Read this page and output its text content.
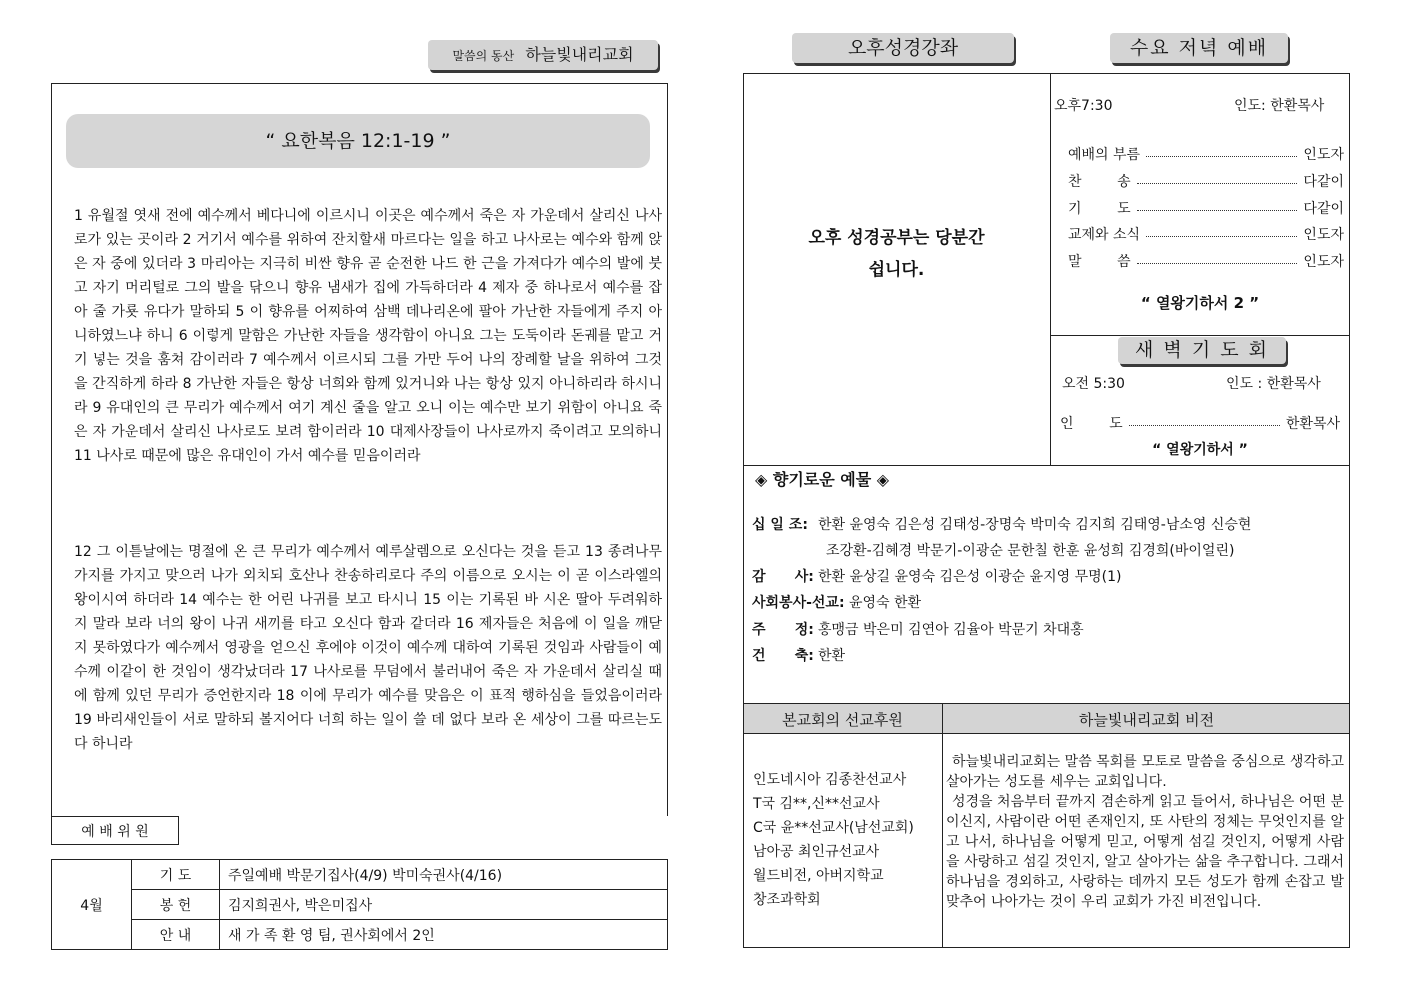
말씀의 동산 하늘빛내리교회
“ 요한복음 12:1-19 ”
1 유월절 엿새 전에 예수께서 베다니에 이르시니 이곳은 예수께서 죽은 자 가운데서 살리신 나사로가 있는 곳이라 2 거기서 예수를 위하여 잔치할새 마르다는 일을 하고 나사로는 예수와 함께 앉은 자 중에 있더라 3 마리아는 지극히 비싼 향유 곧 순전한 나드 한 근을 가져다가 예수의 발에 붓고 자기 머리털로 그의 발을 닦으니 향유 냄새가 집에 가득하더라 4 제자 중 하나로서 예수를 잡아 줄 가룟 유다가 말하되 5 이 향유를 어찌하여 삼백 데나리온에 팔아 가난한 자들에게 주지 아니하였느냐 하니 6 이렇게 말함은 가난한 자들을 생각함이 아니요 그는 도둑이라 돈궤를 맡고 거기 넣는 것을 훔쳐 감이러라 7 예수께서 이르시되 그를 가만 두어 나의 장례할 날을 위하여 그것을 간직하게 하라 8 가난한 자들은 항상 너희와 함께 있거니와 나는 항상 있지 아니하리라 하시니라 9 유대인의 큰 무리가 예수께서 여기 계신 줄을 알고 오니 이는 예수만 보기 위함이 아니요 죽은 자 가운데서 살리신 나사로도 보려 함이러라 10 대제사장들이 나사로까지 죽이려고 모의하니 11 나사로 때문에 많은 유대인이 가서 예수를 믿음이러라
12 그 이튿날에는 명절에 온 큰 무리가 예수께서 예루살렘으로 오신다는 것을 듣고 13 종려나무 가지를 가지고 맞으러 나가 외치되 호산나 찬송하리로다 주의 이름으로 오시는 이 곧 이스라엘의 왕이시여 하더라 14 예수는 한 어린 나귀를 보고 타시니 15 이는 기록된 바 시온 딸아 두려워하지 말라 보라 너의 왕이 나귀 새끼를 타고 오신다 함과 같더라 16 제자들은 처음에 이 일을 깨닫지 못하였다가 예수께서 영광을 얻으신 후에야 이것이 예수께 대하여 기록된 것임과 사람들이 예수께 이같이 한 것임이 생각났더라 17 나사로를 무덤에서 불러내어 죽은 자 가운데서 살리실 때에 함께 있던 무리가 증언한지라 18 이에 무리가 예수를 맞음은 이 표적 행하심을 들었음이러라 19 바리새인들이 서로 말하되 볼지어다 너희 하는 일이 쓸 데 없다 보라 온 세상이 그를 따르는도다 하니라
예 배 위 원
4월	기 도	주일예배 박문기집사(4/9) 박미숙권사(4/16)
	봉 헌	김지희권사, 박은미집사
	안 내	새 가 족 환 영 팀, 권사회에서 2인
오후성경강좌	수요 저녁 예배
오후 성경공부는 당분간
쉽니다.
오후7:30	인도: 한환목사
예배의 부름	인도자
찬        송	다같이
기        도	다같이
교제와 소식	인도자
말        씀	인도자
“ 열왕기하서 2 ”
새 벽 기 도 회
오전 5:30	인도 : 한환목사
인        도	한환목사
“ 열왕기하서 ”
◈ 향기로운 예물 ◈
십 일 조: 한환 윤영숙 김은성 김태성-장명숙 박미숙 김지희 김태영-남소영 신승현
조강환-김혜경 박문기-이광순 문한칠 한훈 윤성희 김경희(바이얼린)
감      사: 한환 윤상길 윤영숙 김은성 이광순 윤지영 무명(1)
사회봉사-선교: 윤영숙 한환
주      정: 홍맹금 박은미 김연아 김율아 박문기 차대홍
건      축: 한환
본교회의 선교후원	하늘빛내리교회 비전
인도네시아 김종찬선교사
T국 김**,신**선교사
C국 윤**선교사(남선교회)
남아공 최인규선교사
월드비전, 아버지학교
창조과학회

하늘빛내리교회는 말씀 목회를 모토로 말씀을 중심으로 생각하고 살아가는 성도를 세우는 교회입니다.

성경을 처음부터 끝까지 겸손하게 읽고 들어서, 하나님은 어떤 분이신지, 사람이란 어떤 존재인지, 또 사탄의 정체는 무엇인지를 알고 나서, 하나님을 어떻게 믿고, 어떻게 섬길 것인지, 어떻게 사람을 사랑하고 섬길 것인지, 알고 살아가는 삶을 추구합니다. 그래서 하나님을 경외하고, 사랑하는 데까지 모든 성도가 함께 손잡고 발 맞추어 나아가는 것이 우리 교회가 가진 비전입니다.
